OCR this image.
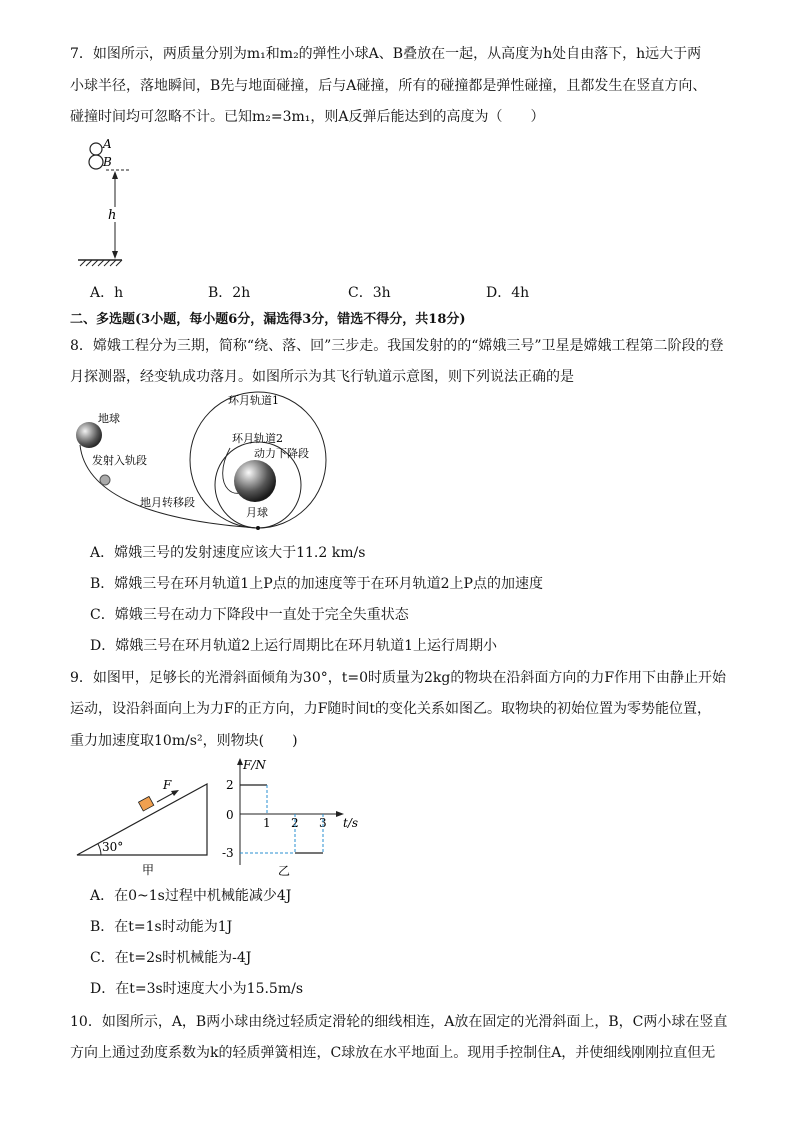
7．如图所示，两质量分别为m₁和m₂的弹性小球A、B叠放在一起，从高度为h处自由落下，h远大于两
小球半径，落地瞬间，B先与地面碰撞，后与A碰撞，所有的碰撞都是弹性碰撞，且都发生在竖直方向、
碰撞时间均可忽略不计。已知m₂=3m₁，则A反弹后能达到的高度为（　　）
A
B
h
A．h	B．2h	C．3h	D．4h
二、多选题(3小题，每小题6分，漏选得3分，错选不得分，共18分)
8．嫦娥工程分为三期，简称“绕、落、回”三步走。我国发射的的“嫦娥三号”卫星是嫦娥工程第二阶段的登
月探测器，经变轨成功落月。如图所示为其飞行轨道示意图，则下列说法正确的是
地球
发射入轨段
地月转移段
环月轨道1
环月轨道2
动力下降段
月球
A．嫦娥三号的发射速度应该大于11.2 km/s
B．嫦娥三号在环月轨道1上P点的加速度等于在环月轨道2上P点的加速度
C．嫦娥三号在动力下降段中一直处于完全失重状态
D．嫦娥三号在环月轨道2上运行周期比在环月轨道1上运行周期小
9．如图甲，足够长的光滑斜面倾角为30°，t=0时质量为2kg的物块在沿斜面方向的力F作用下由静止开始
运动，设沿斜面向上为力F的正方向，力F随时间t的变化关系如图乙。取物块的初始位置为零势能位置，
重力加速度取10m/s²，则物块(　　)
F
30°
甲
F/N
t/s
2
0
-3
1 2 3
乙
A．在0~1s过程中机械能减少4J
B．在t=1s时动能为1J
C．在t=2s时机械能为-4J
D．在t=3s时速度大小为15.5m/s
10．如图所示，A，B两小球由绕过轻质定滑轮的细线相连，A放在固定的光滑斜面上，B，C两小球在竖直
方向上通过劲度系数为k的轻质弹簧相连，C球放在水平地面上。现用手控制住A，并使细线刚刚拉直但无
